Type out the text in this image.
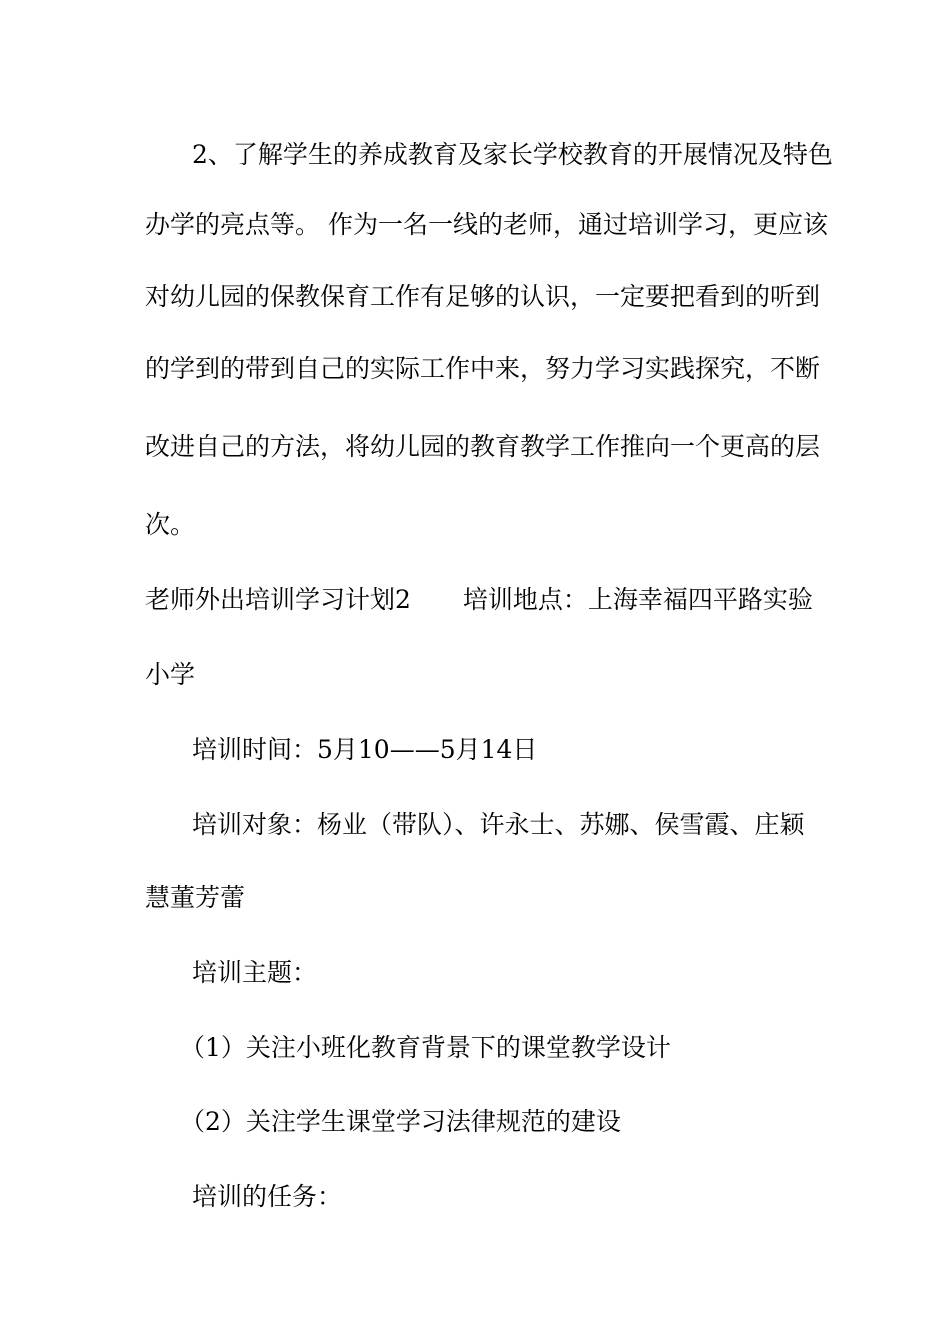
2、了解学生的养成教育及家长学校教育的开展情况及特色
办学的亮点等。 作为一名一线的老师，通过培训学习，更应该
对幼儿园的保教保育工作有足够的认识，一定要把看到的听到
的学到的带到自己的实际工作中来，努力学习实践探究，不断
改进自己的方法，将幼儿园的教育教学工作推向一个更高的层
次。
老师外出培训学习计划2 培训地点：上海幸福四平路实验
小学
培训时间：5月10——5月14日
培训对象：杨业（带队）、许永士、苏娜、侯雪霞、庄颖
慧董芳蕾
培训主题：
（1）关注小班化教育背景下的课堂教学设计
（2）关注学生课堂学习法律规范的建设
培训的任务：
